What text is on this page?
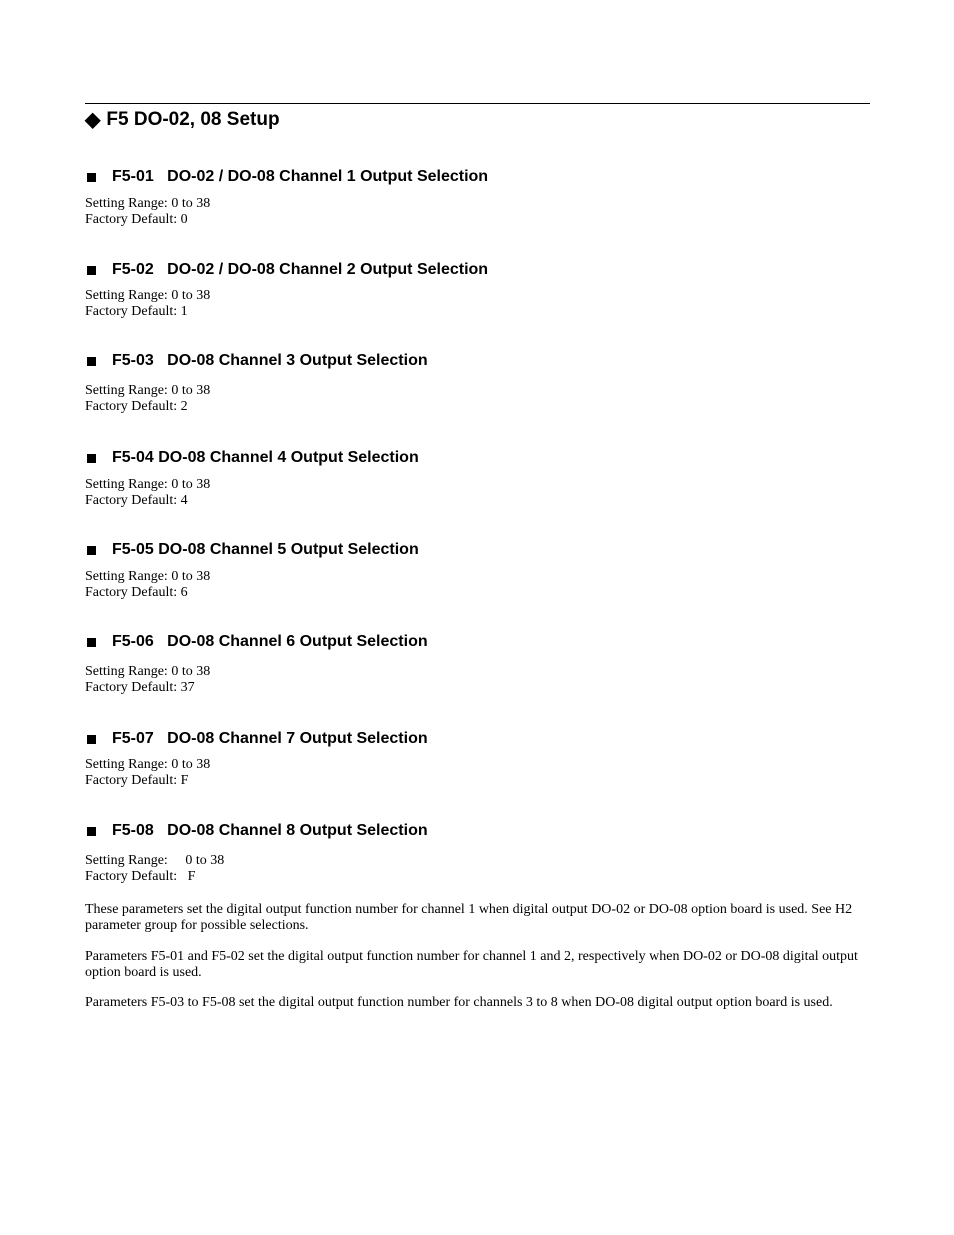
◆ F5 DO-02, 08 Setup
F5-01   DO-02 / DO-08 Channel 1 Output Selection
Setting Range: 0 to 38
Factory Default: 0
F5-02   DO-02 / DO-08 Channel 2 Output Selection
Setting Range: 0 to 38
Factory Default: 1
F5-03   DO-08 Channel 3 Output Selection
Setting Range: 0 to 38
Factory Default: 2
F5-04 DO-08 Channel 4 Output Selection
Setting Range: 0 to 38
Factory Default: 4
F5-05 DO-08 Channel 5 Output Selection
Setting Range: 0 to 38
Factory Default: 6
F5-06   DO-08 Channel 6 Output Selection
Setting Range: 0 to 38
Factory Default: 37
F5-07   DO-08 Channel 7 Output Selection
Setting Range: 0 to 38
Factory Default: F
F5-08   DO-08 Channel 8 Output Selection
Setting Range:     0 to 38
Factory Default:   F
These parameters set the digital output function number for channel 1 when digital output DO-02 or DO-08 option board is used. See H2 parameter group for possible selections.
Parameters F5-01 and F5-02 set the digital output function number for channel 1 and 2, respectively when DO-02 or DO-08 digital output option board is used.
Parameters F5-03 to F5-08 set the digital output function number for channels 3 to 8 when DO-08 digital output option board is used.
